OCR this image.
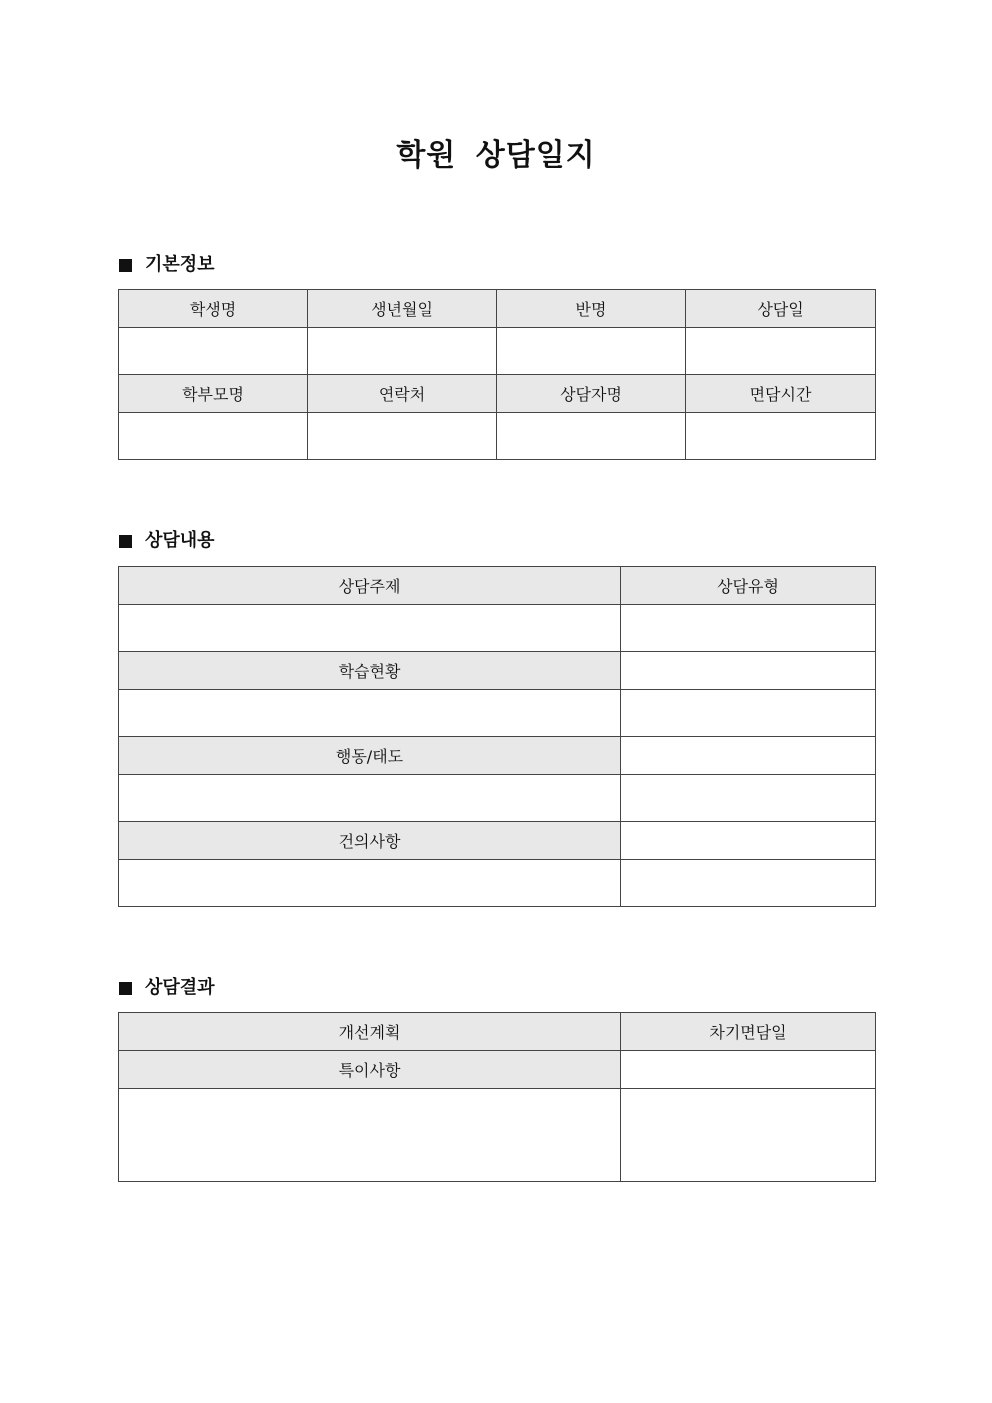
학원 상담일지
기본정보
학생명	생년월일	반명	상담일

학부모명	연락처	상담자명	면담시간

상담내용
상담주제	상담유형

학습현황	

행동/태도	

건의사항	

상담결과
개선계획	차기면담일
특이사항	
